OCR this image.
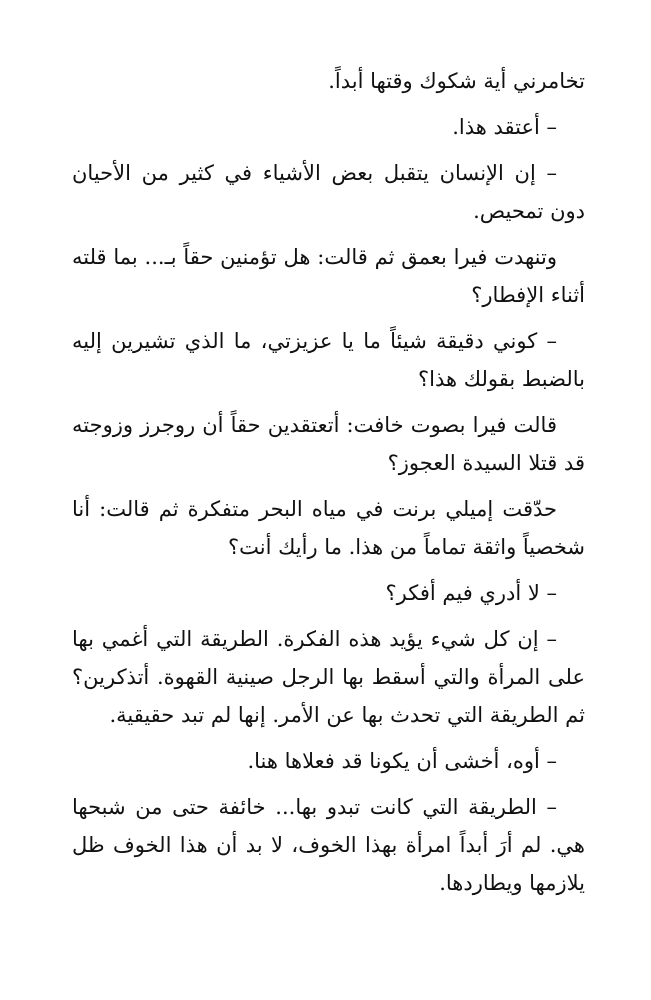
تخامرني أية شكوك وقتها أبداً.

– أعتقد هذا.

– إن الإنسان يتقبل بعض الأشياء في كثير من الأحيان دون تمحيص.

وتنهدت فيرا بعمق ثم قالت: هل تؤمنين حقاً بـ... بما قلته أثناء الإفطار؟

– كوني دقيقة شيئاً ما يا عزيزتي، ما الذي تشيرين إليه بالضبط بقولك هذا؟

قالت فيرا بصوت خافت: أتعتقدين حقاً أن روجرز وزوجته قد قتلا السيدة العجوز؟

حدّقت إميلي برنت في مياه البحر متفكرة ثم قالت: أنا شخصياً واثقة تماماً من هذا. ما رأيك أنت؟

– لا أدري فيم أفكر؟

– إن كل شيء يؤيد هذه الفكرة. الطريقة التي أغمي بها على المرأة والتي أسقط بها الرجل صينية القهوة. أتذكرين؟ ثم الطريقة التي تحدث بها عن الأمر. إنها لم تبد حقيقية.

– أوه، أخشى أن يكونا قد فعلاها هنا.

– الطريقة التي كانت تبدو بها... خائفة حتى من شبحها هي. لم أرَ أبداً امرأة بهذا الخوف، لا بد أن هذا الخوف ظل يلازمها ويطاردها.
